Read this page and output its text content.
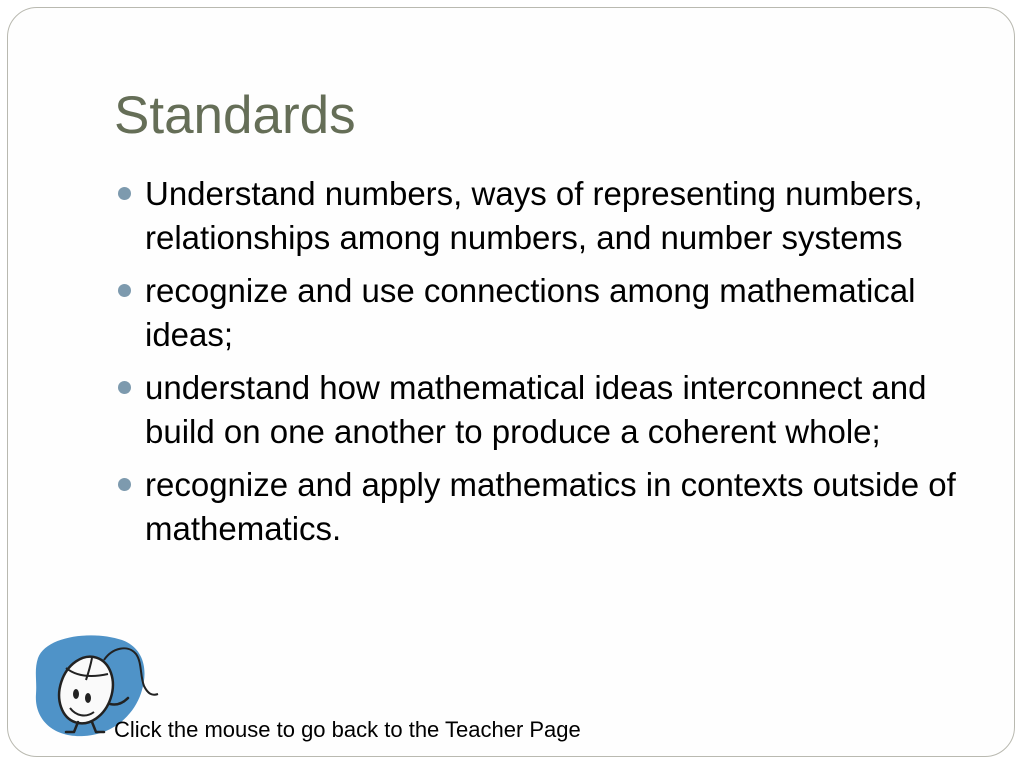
Standards
Understand numbers, ways of representing numbers, relationships among numbers, and number systems
recognize and use connections among mathematical ideas;
understand how mathematical ideas interconnect and build on one another to produce a coherent whole;
recognize and apply mathematics in contexts outside of mathematics.

Click the mouse to go back to the Teacher Page
